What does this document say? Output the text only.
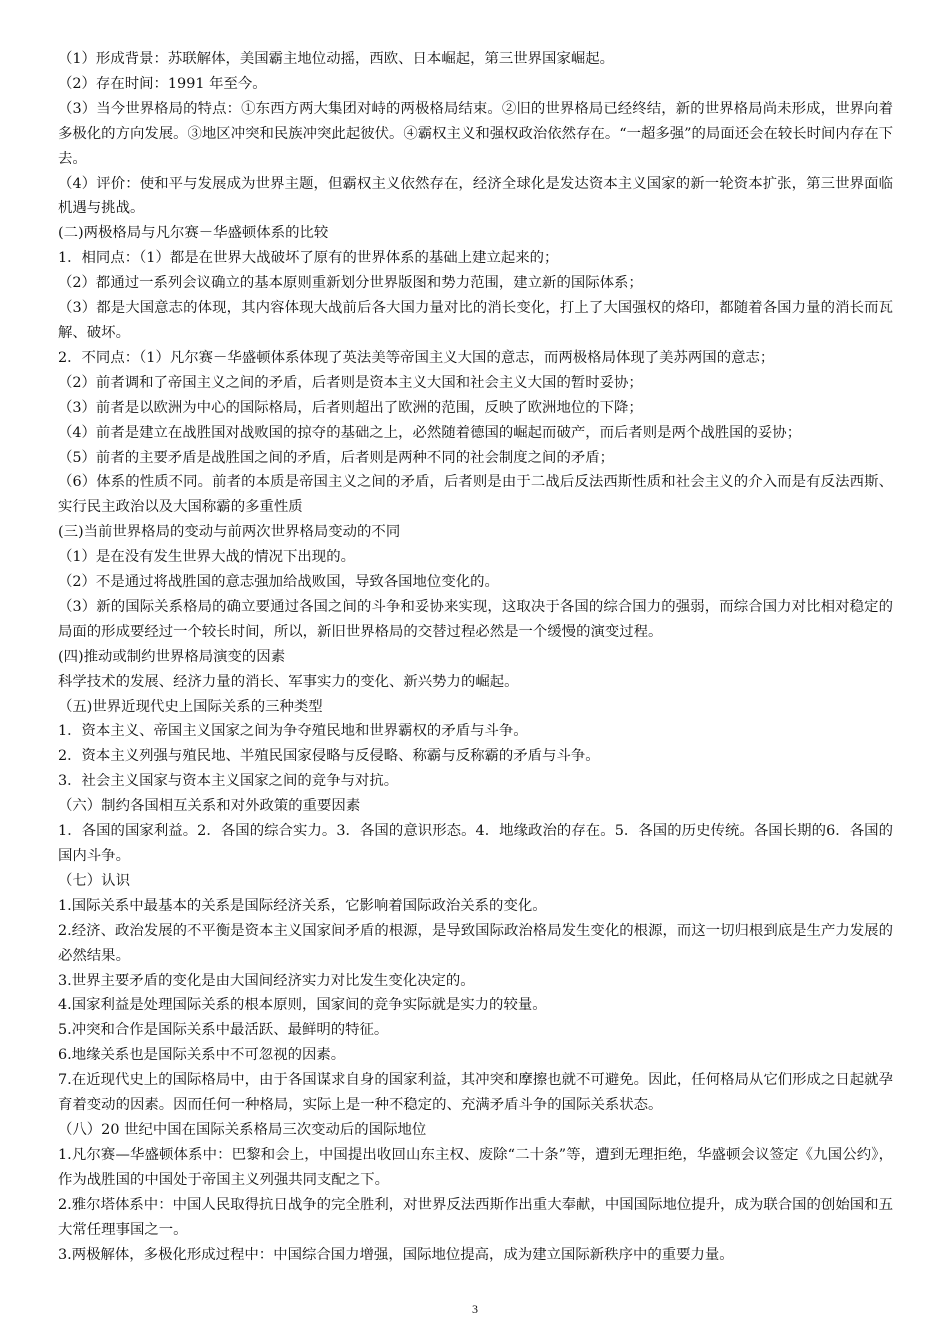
（1）形成背景：苏联解体，美国霸主地位动摇，西欧、日本崛起，第三世界国家崛起。

（2）存在时间：1991 年至今。

（3）当今世界格局的特点：①东西方两大集团对峙的两极格局结束。②旧的世界格局已经终结，新的世界格局尚未形成，世界向着多极化的方向发展。③地区冲突和民族冲突此起彼伏。④霸权主义和强权政治依然存在。“一超多强”的局面还会在较长时间内存在下去。

（4）评价：使和平与发展成为世界主题，但霸权主义依然存在，经济全球化是发达资本主义国家的新一轮资本扩张，第三世界面临机遇与挑战。

(二)两极格局与凡尔赛－华盛顿体系的比较

1．相同点：（1）都是在世界大战破坏了原有的世界体系的基础上建立起来的；

（2）都通过一系列会议确立的基本原则重新划分世界版图和势力范围，建立新的国际体系；

（3）都是大国意志的体现，其内容体现大战前后各大国力量对比的消长变化，打上了大国强权的烙印，都随着各国力量的消长而瓦解、破坏。

2．不同点：（1）凡尔赛－华盛顿体系体现了英法美等帝国主义大国的意志，而两极格局体现了美苏两国的意志；

（2）前者调和了帝国主义之间的矛盾，后者则是资本主义大国和社会主义大国的暂时妥协；

（3）前者是以欧洲为中心的国际格局，后者则超出了欧洲的范围，反映了欧洲地位的下降；

（4）前者是建立在战胜国对战败国的掠夺的基础之上，必然随着德国的崛起而破产，而后者则是两个战胜国的妥协；

（5）前者的主要矛盾是战胜国之间的矛盾，后者则是两种不同的社会制度之间的矛盾；

（6）体系的性质不同。前者的本质是帝国主义之间的矛盾，后者则是由于二战后反法西斯性质和社会主义的介入而是有反法西斯、实行民主政治以及大国称霸的多重性质

(三)当前世界格局的变动与前两次世界格局变动的不同

（1）是在没有发生世界大战的情况下出现的。

（2）不是通过将战胜国的意志强加给战败国，导致各国地位变化的。

（3）新的国际关系格局的确立要通过各国之间的斗争和妥协来实现，这取决于各国的综合国力的强弱，而综合国力对比相对稳定的局面的形成要经过一个较长时间，所以，新旧世界格局的交替过程必然是一个缓慢的演变过程。

(四)推动或制约世界格局演变的因素

科学技术的发展、经济力量的消长、军事实力的变化、新兴势力的崛起。

（五)世界近现代史上国际关系的三种类型

1．资本主义、帝国主义国家之间为争夺殖民地和世界霸权的矛盾与斗争。

2．资本主义列强与殖民地、半殖民国家侵略与反侵略、称霸与反称霸的矛盾与斗争。

3．社会主义国家与资本主义国家之间的竞争与对抗。

（六）制约各国相互关系和对外政策的重要因素

1．各国的国家利益。2．各国的综合实力。3．各国的意识形态。4．地缘政治的存在。5．各国的历史传统。各国长期的6．各国的国内斗争。

（七）认识

1.国际关系中最基本的关系是国际经济关系，它影响着国际政治关系的变化。

2.经济、政治发展的不平衡是资本主义国家间矛盾的根源，是导致国际政治格局发生变化的根源，而这一切归根到底是生产力发展的必然结果。

3.世界主要矛盾的变化是由大国间经济实力对比发生变化决定的。

4.国家利益是处理国际关系的根本原则，国家间的竞争实际就是实力的较量。

5.冲突和合作是国际关系中最活跃、最鲜明的特征。

6.地缘关系也是国际关系中不可忽视的因素。

7.在近现代史上的国际格局中，由于各国谋求自身的国家利益，其冲突和摩擦也就不可避免。因此，任何格局从它们形成之日起就孕育着变动的因素。因而任何一种格局，实际上是一种不稳定的、充满矛盾斗争的国际关系状态。

（八）20 世纪中国在国际关系格局三次变动后的国际地位

1.凡尔赛—华盛顿体系中：巴黎和会上，中国提出收回山东主权、废除“二十条”等，遭到无理拒绝，华盛顿会议签定《九国公约》，作为战胜国的中国处于帝国主义列强共同支配之下。

2.雅尔塔体系中：中国人民取得抗日战争的完全胜利，对世界反法西斯作出重大奉献，中国国际地位提升，成为联合国的创始国和五大常任理事国之一。

3.两极解体，多极化形成过程中：中国综合国力增强，国际地位提高，成为建立国际新秩序中的重要力量。

3
